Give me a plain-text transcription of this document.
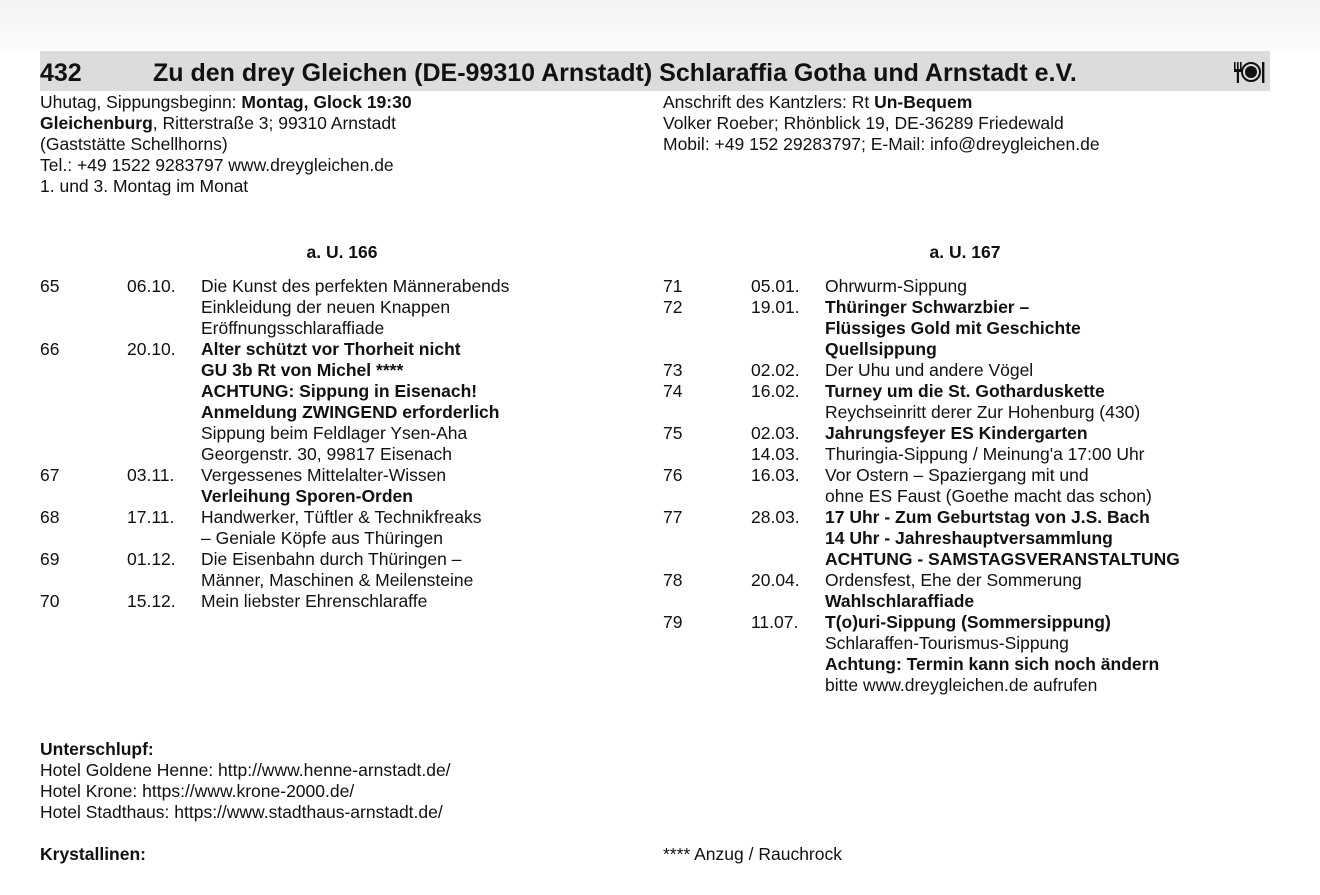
432	Zu den drey Gleichen (DE-99310 Arnstadt) Schlaraffia Gotha und Arnstadt e.V.
Uhutag, Sippungsbeginn: Montag, Glock 19:30
Gleichenburg, Ritterstraße 3; 99310 Arnstadt
(Gaststätte Schellhorns)
Tel.: +49 1522 9283797 www.dreygleichen.de
1. und 3. Montag im Monat
Anschrift des Kantzlers: Rt Un-Bequem
Volker Roeber; Rhönblick 19, DE-36289 Friedewald
Mobil: +49 152 29283797; E-Mail: info@dreygleichen.de
a. U. 166	a. U. 167
65	06.10. Die Kunst des perfekten Männerabends
Einkleidung der neuen Knappen
Eröffnungsschlaraffiade
66	20.10. Alter schützt vor Thorheit nicht
GU 3b Rt von Michel ****
ACHTUNG: Sippung in Eisenach!
Anmeldung ZWINGEND erforderlich
Sippung beim Feldlager Ysen-Aha
Georgenstr. 30, 99817 Eisenach
67	03.11. Vergessenes Mittelalter-Wissen
Verleihung Sporen-Orden
68	17.11. Handwerker, Tüftler & Technikfreaks
– Geniale Köpfe aus Thüringen
69	01.12. Die Eisenbahn durch Thüringen –
Männer, Maschinen & Meilensteine
70	15.12. Mein liebster Ehrenschlaraffe
71	05.01. Ohrwurm-Sippung
72	19.01. Thüringer Schwarzbier –
Flüssiges Gold mit Geschichte
Quellsippung
73	02.02. Der Uhu und andere Vögel
74	16.02. Turney um die St. Gotharduskette
Reychseinritt derer Zur Hohenburg (430)
75	02.03. Jahrungsfeyer ES Kindergarten
14.03. Thuringia-Sippung / Meinung'a 17:00 Uhr
76	16.03. Vor Ostern – Spaziergang mit und
ohne ES Faust (Goethe macht das schon)
77	28.03. 17 Uhr - Zum Geburtstag von J.S. Bach
14 Uhr - Jahreshauptversammlung
ACHTUNG - SAMSTAGSVERANSTALTUNG
78	20.04. Ordensfest, Ehe der Sommerung
Wahlschlaraffiade
79	11.07. T(o)uri-Sippung (Sommersippung)
Schlaraffen-Tourismus-Sippung
Achtung: Termin kann sich noch ändern
bitte www.dreygleichen.de aufrufen
Unterschlupf:
Hotel Goldene Henne: http://www.henne-arnstadt.de/
Hotel Krone: https://www.krone-2000.de/
Hotel Stadthaus: https://www.stadthaus-arnstadt.de/
Krystallinen:	**** Anzug / Rauchrock
